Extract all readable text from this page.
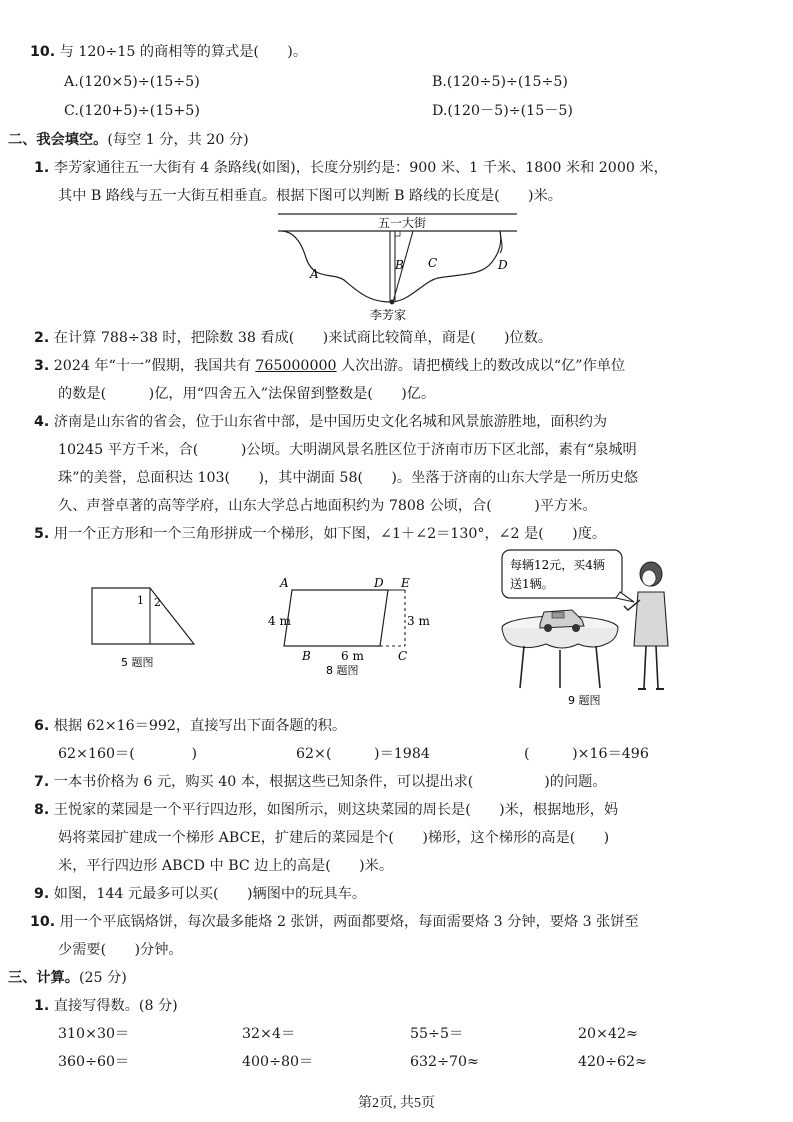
10. 与 120÷15 的商相等的算式是(　　)。
A.(120×5)÷(15÷5)	B.(120÷5)÷(15÷5)
C.(120+5)÷(15+5)	D.(120－5)÷(15－5)
二、我会填空。(每空 1 分，共 20 分)
1. 李芳家通往五一大街有 4 条路线(如图)，长度分别约是：900 米、1 千米、1800 米和 2000 米，
其中 B 路线与五一大街互相垂直。根据下图可以判断 B 路线的长度是(　　)米。
五一大街
A
B C	D
李芳家
2. 在计算 788÷38 时，把除数 38 看成(　　)来试商比较简单，商是(　　)位数。
3. 2024 年“十一”假期，我国共有 765000000 人次出游。请把横线上的数改成以“亿”作单位
的数是(　　　)亿，用“四舍五入”法保留到整数是(　　)亿。
4. 济南是山东省的省会，位于山东省中部，是中国历史文化名城和风景旅游胜地，面积约为
10245 平方千米，合(　　　)公顷。大明湖风景名胜区位于济南市历下区北部，素有“泉城明
珠”的美誉，总面积达 103(　　)，其中湖面 58(　　)。坐落于济南的山东大学是一所历史悠
久、声誉卓著的高等学府，山东大学总占地面积约为 7808 公顷，合(　　　)平方米。
5. 用一个正方形和一个三角形拼成一个梯形，如下图，∠1＋∠2＝130°，∠2 是(　　)度。
1 2
5 题图
A	D E
B	C
4 m
6 m
3 m
8 题图
每辆12元，买4辆
送1辆。
9 题图
6. 根据 62×16＝992，直接写出下面各题的积。
62×160＝(　　　　)	62×(　　　)＝1984	(　　　)×16＝496
7. 一本书价格为 6 元，购买 40 本，根据这些已知条件，可以提出求(　　　　　)的问题。
8. 王悦家的菜园是一个平行四边形，如图所示，则这块菜园的周长是(　　)米，根据地形，妈
妈将菜园扩建成一个梯形 ABCE，扩建后的菜园是个(　　)梯形，这个梯形的高是(　　)
米，平行四边形 ABCD 中 BC 边上的高是(　　)米。
9. 如图，144 元最多可以买(　　)辆图中的玩具车。
10. 用一个平底锅烙饼，每次最多能烙 2 张饼，两面都要烙，每面需要烙 3 分钟，要烙 3 张饼至
少需要(　　)分钟。
三、计算。(25 分)
1. 直接写得数。(8 分)
310×30＝	32×4＝	55÷5＝	20×42≈
360÷60＝	400÷80＝	632÷70≈	420÷62≈
第2页, 共5页
